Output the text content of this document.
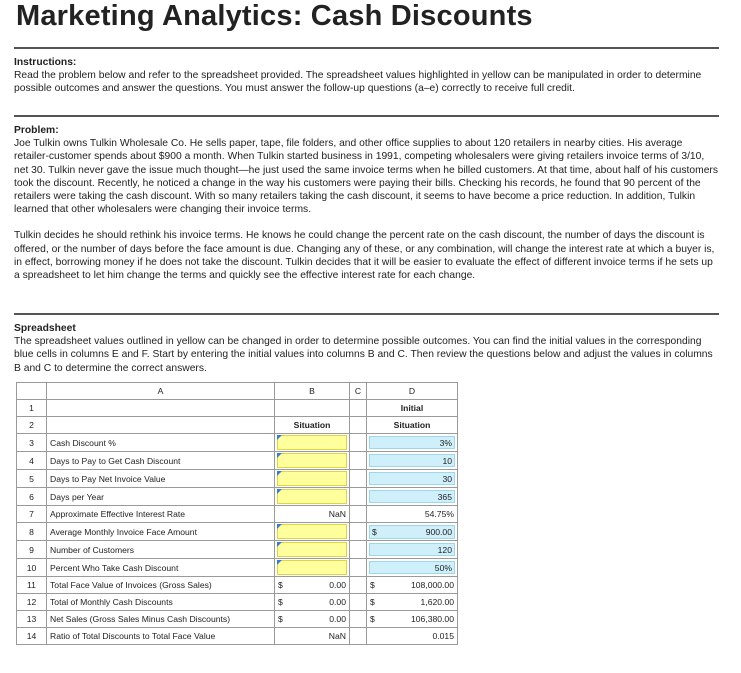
Marketing Analytics: Cash Discounts
Instructions:

Read the problem below and refer to the spreadsheet provided. The spreadsheet values highlighted in yellow can be manipulated in order to determine possible outcomes and answer the questions. You must answer the follow-up questions (a–e) correctly to receive full credit.

Problem:

Joe Tulkin owns Tulkin Wholesale Co. He sells paper, tape, file folders, and other office supplies to about 120 retailers in nearby cities. His average retailer-customer spends about $900 a month. When Tulkin started business in 1991, competing wholesalers were giving retailers invoice terms of 3/10, net 30. Tulkin never gave the issue much thought—he just used the same invoice terms when he billed customers. At that time, about half of his customers took the discount. Recently, he noticed a change in the way his customers were paying their bills. Checking his records, he found that 90 percent of the retailers were taking the cash discount. With so many retailers taking the cash discount, it seems to have become a price reduction. In addition, Tulkin learned that other wholesalers were changing their invoice terms.

Tulkin decides he should rethink his invoice terms. He knows he could change the percent rate on the cash discount, the number of days the discount is offered, or the number of days before the face amount is due. Changing any of these, or any combination, will change the interest rate at which a buyer is, in effect, borrowing money if he does not take the discount. Tulkin decides that it will be easier to evaluate the effect of different invoice terms if he sets up a spreadsheet to let him change the terms and quickly see the effective interest rate for each change.

Spreadsheet

The spreadsheet values outlined in yellow can be changed in order to determine possible outcomes. You can find the initial values in the corresponding blue cells in columns E and F. Start by entering the initial values into columns B and C. Then review the questions below and adjust the values in columns B and C to determine the correct answers.

	A	B	C	D
1				Initial

2		Situation		Situation

3	Cash Discount %			3%

4	Days to Pay to Get Cash Discount			10

5	Days to Pay Net Invoice Value			30

6	Days per Year			365

7	Approximate Effective Interest Rate	NaN		54.75%

8	Average Monthly Invoice Face Amount			$ 900.00

9	Number of Customers			120

10	Percent Who Take Cash Discount			50%

11	Total Face Value of Invoices (Gross Sales)	$ 0.00		$ 108,000.00

12	Total of Monthly Cash Discounts	$ 0.00		$ 1,620.00

13	Net Sales (Gross Sales Minus Cash Discounts)	$ 0.00		$ 106,380.00

14	Ratio of Total Discounts to Total Face Value	NaN		0.015
